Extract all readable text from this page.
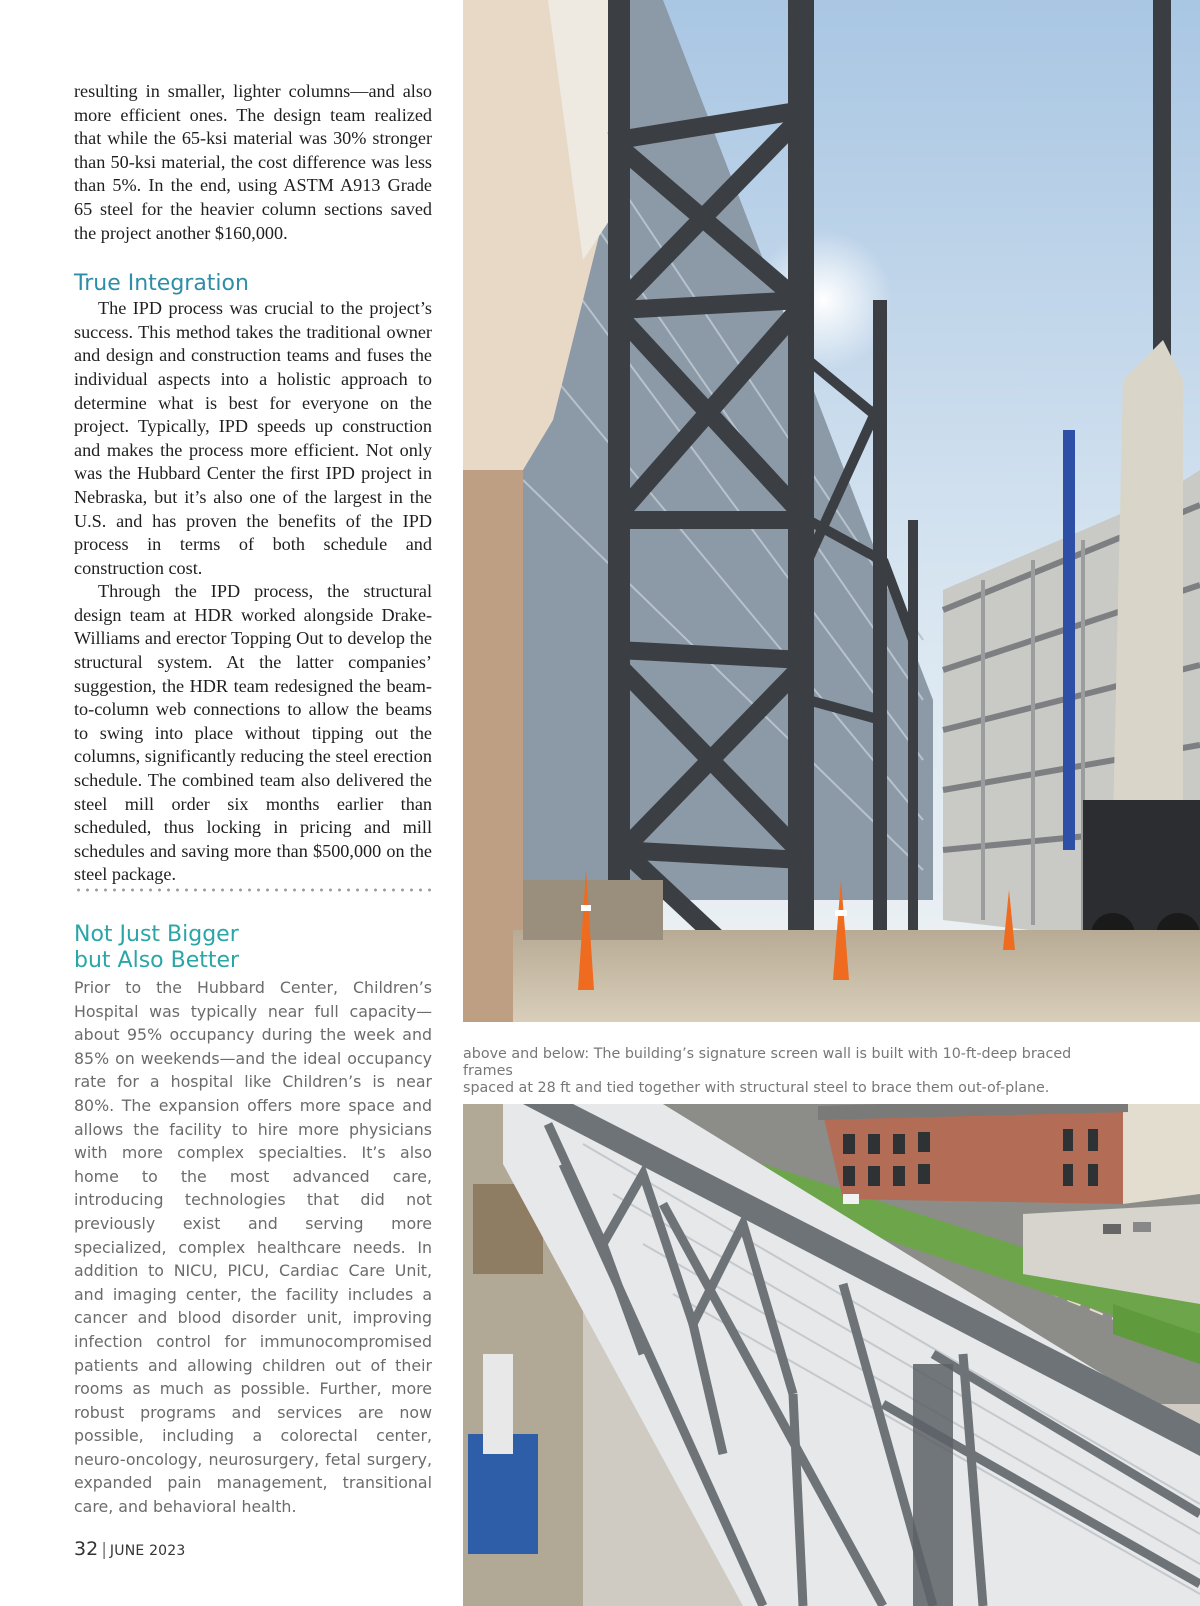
resulting in smaller, lighter columns—and also more efficient ones. The design team realized that while the 65-ksi material was 30% stronger than 50-ksi material, the cost difference was less than 5%. In the end, using ASTM A913 Grade 65 steel for the heavier column sections saved the project another $160,000.

True Integration

The IPD process was crucial to the project’s success. This method takes the traditional owner and design and construction teams and fuses the individual aspects into a holistic approach to determine what is best for everyone on the project. Typically, IPD speeds up construction and makes the process more efficient. Not only was the Hubbard Center the first IPD project in Nebraska, but it’s also one of the largest in the U.S. and has proven the benefits of the IPD process in terms of both schedule and construction cost.

Through the IPD process, the structural design team at HDR worked alongside Drake-Williams and erector Topping Out to develop the structural system. At the latter companies’ suggestion, the HDR team redesigned the beam-to-column web connections to allow the beams to swing into place without tipping out the columns, significantly reducing the steel erection schedule. The combined team also delivered the steel mill order six months earlier than scheduled, thus locking in pricing and mill schedules and saving more than $500,000 on the steel package.

Not Just Bigger
but Also Better

Prior to the Hubbard Center, Children’s Hospital was typically near full capacity—about 95% occupancy during the week and 85% on weekends—and the ideal occupancy rate for a hospital like Children’s is near 80%. The expansion offers more space and allows the facility to hire more physicians with more complex specialties. It’s also home to the most advanced care, introducing technologies that did not previously exist and serving more specialized, complex healthcare needs. In addition to NICU, PICU, Cardiac Care Unit, and imaging center, the facility includes a cancer and blood disorder unit, improving infection control for immunocompromised patients and allowing children out of their rooms as much as possible. Further, more robust programs and services are now possible, including a colorectal center, neuro-oncology, neurosurgery, fetal surgery, expanded pain management, transitional care, and behavioral health.

32 | JUNE 2023
above and below: The building’s signature screen wall is built with 10-ft-deep braced frames
spaced at 28 ft and tied together with structural steel to brace them out-of-plane.
